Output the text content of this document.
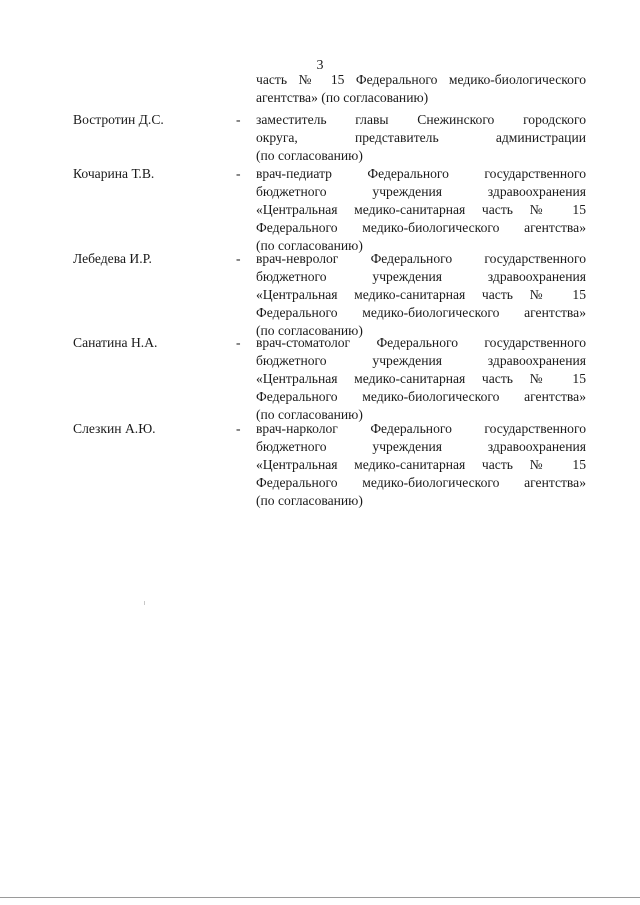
3
часть № 15 Федерального медико-биологического
агентства» (по согласованию)
Востротин Д.С.	- заместитель главы Снежинского городского
округа, представитель администрации
(по согласованию)
Кочарина Т.В.	- врач-педиатр Федерального государственного
бюджетного учреждения здравоохранения
«Центральная медико-санитарная часть № 15
Федерального медико-биологического агентства»
(по согласованию)
Лебедева И.Р.	- врач-невролог Федерального государственного
бюджетного учреждения здравоохранения
«Центральная медико-санитарная часть № 15
Федерального медико-биологического агентства»
(по согласованию)
Санатина Н.А.	- врач-стоматолог Федерального государственного
бюджетного учреждения здравоохранения
«Центральная медико-санитарная часть № 15
Федерального медико-биологического агентства»
(по согласованию)
Слезкин А.Ю.	- врач-нарколог Федерального государственного
бюджетного учреждения здравоохранения
«Центральная медико-санитарная часть № 15
Федерального медико-биологического агентства»
(по согласованию)
